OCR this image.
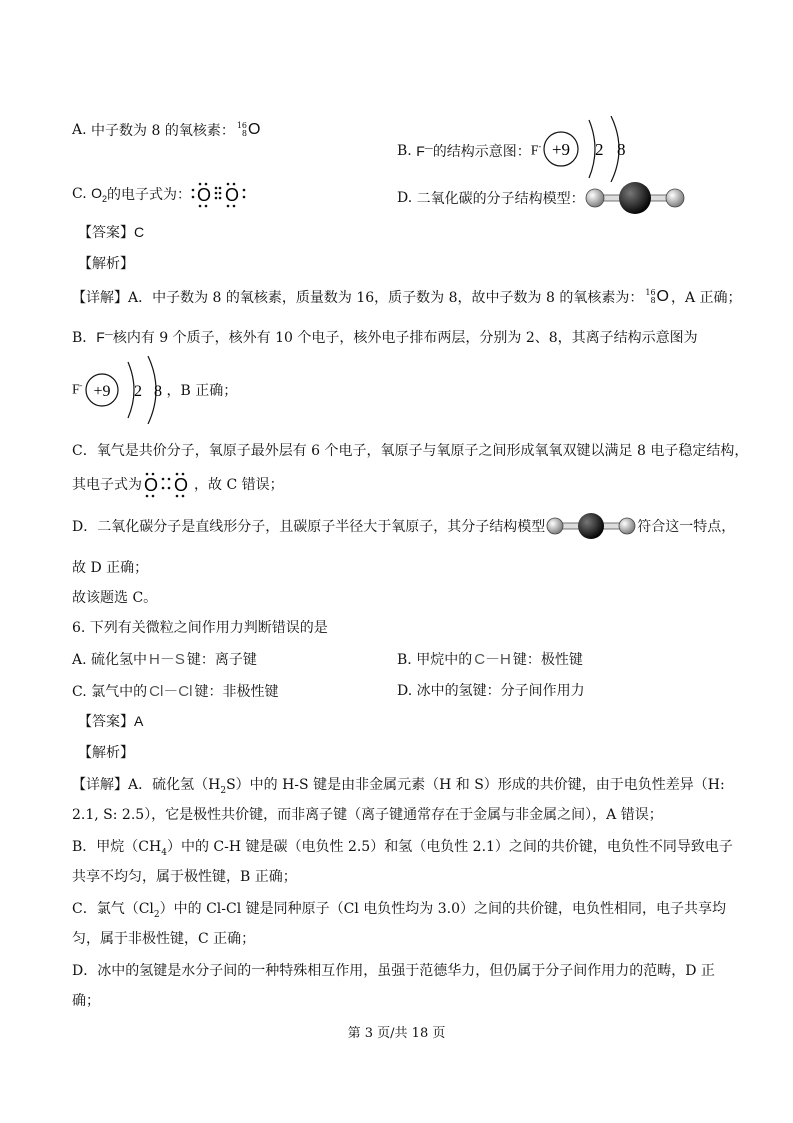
A.
中子数为 8 的氧核素： 16
8 O
B.
F— 的结构示意图： F- +9 2 8
C.
$O_2$ 的电子式为： O O	D.
二氧化碳的分子结构模型：
【答案】C
【解析】
【详解】 A．中子数为 8 的氧核素，质量数为 16，质子数为 8，故中子数为 8 的氧核素为： 16
8 O ，A 正确；
B．F—核内有 9 个质子，核外有 10 个电子，核外电子排布两层，分别为 2、8，其离子结构示意图为
F- +9 2 8 ，B 正确；
C．氧气是共价分子，氧原子最外层有 6 个电子，氧原子与氧原子之间形成氧氧双键以满足 8 电子稳定结构，
其电子式为 O O ，故 C 错误；
D．二氧化碳分子是直线形分子，且碳原子半径大于氧原子，其分子结构模型	符合这一特点，
故 D 正确；
故该题选 C。
6. 下列有关微粒之间作用力判断错误的是
A. 硫化氢中 H－S 键：离子键	B. 甲烷中的 C－H 键：极性键
C. 氯气中的 Cl－Cl 键：非极性键	D. 冰中的氢键：分子间作用力
【答案】A
【解析】
【详解】A．硫化氢$(H_2S)$中的 H-S 键是由非金属元素（H 和 S）形成的共价键，由于电负性差异（H:
2.1, S: 2.5），它是极性共价键，而非离子键（离子键通常存在于金属与非金属之间），A 错误；
B．甲烷$(CH_4)$中的 C-H 键是碳（电负性 2.5）和氢（电负性 2.1）之间的共价键，电负性不同导致电子
共享不均匀，属于极性键，B 正确；
C．氯气$(Cl_2)$中的 Cl-Cl 键是同种原子（Cl 电负性均为 3.0）之间的共价键，电负性相同，电子共享均
匀，属于非极性键，C 正确；
D．冰中的氢键是水分子间的一种特殊相互作用，虽强于范德华力，但仍属于分子间作用力的范畴，D 正
确；
第 3 页/共 18 页
